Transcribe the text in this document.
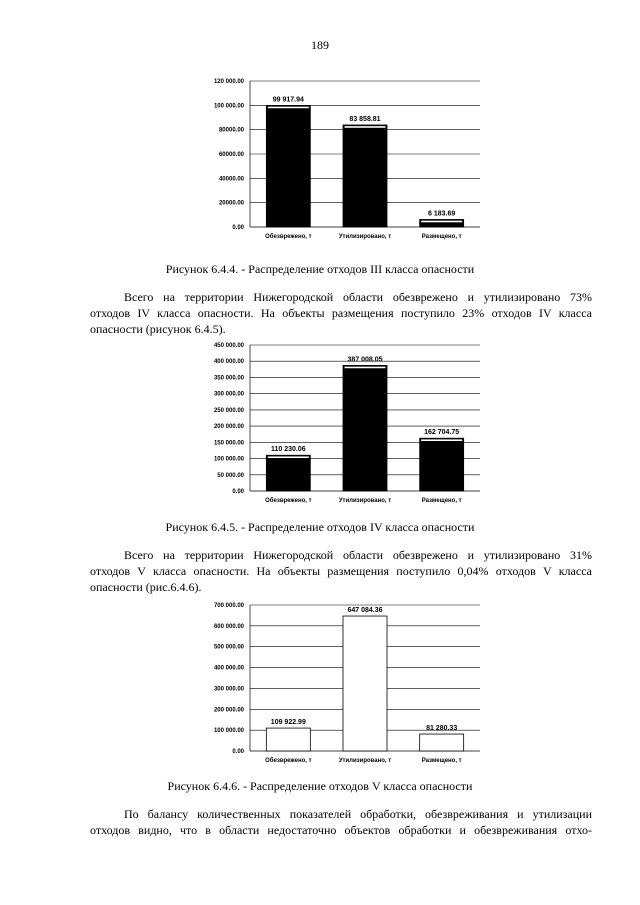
189
0.00
20000.00
40000.00
60000.00
80000.00
100 000.00
120 000.00
99 917.94
Обезврежено, т
83 858.81
Утилизировано, т
6 183.69
Размещено, т
Рисунок 6.4.4. - Распределение отходов III класса опасности

Всего на территории Нижегородской области обезврежено и утилизировано 73%
отходов IV класса опасности. На объекты размещения поступило 23% отходов IV класса
опасности (рисунок 6.4.5).

0.00
50 000.00
100 000.00
150 000.00
200 000.00
250 000.00
300 000.00
350 000.00
400 000.00
450 000.00
110 230.06
Обезврежено, т
387 008.05
Утилизировано, т
162 704.75
Размещено, т
Рисунок 6.4.5. - Распределение отходов IV класса опасности

Всего на территории Нижегородской области обезврежено и утилизировано 31%
отходов V класса опасности. На объекты размещения поступило 0,04% отходов V класса
опасности (рис.6.4.6).

0.00
100 000.00
200 000.00
300 000.00
400 000.00
500 000.00
600 000.00
700 000.00
109 922.99
Обезврежено, т
647 084.36
Утилизировано, т
81 280.33
Размещено, т
Рисунок 6.4.6. - Распределение отходов V класса опасности

По балансу количественных показателей обработки, обезвреживания и утилизации
отходов видно, что в области недостаточно объектов обработки и обезвреживания отхо-
